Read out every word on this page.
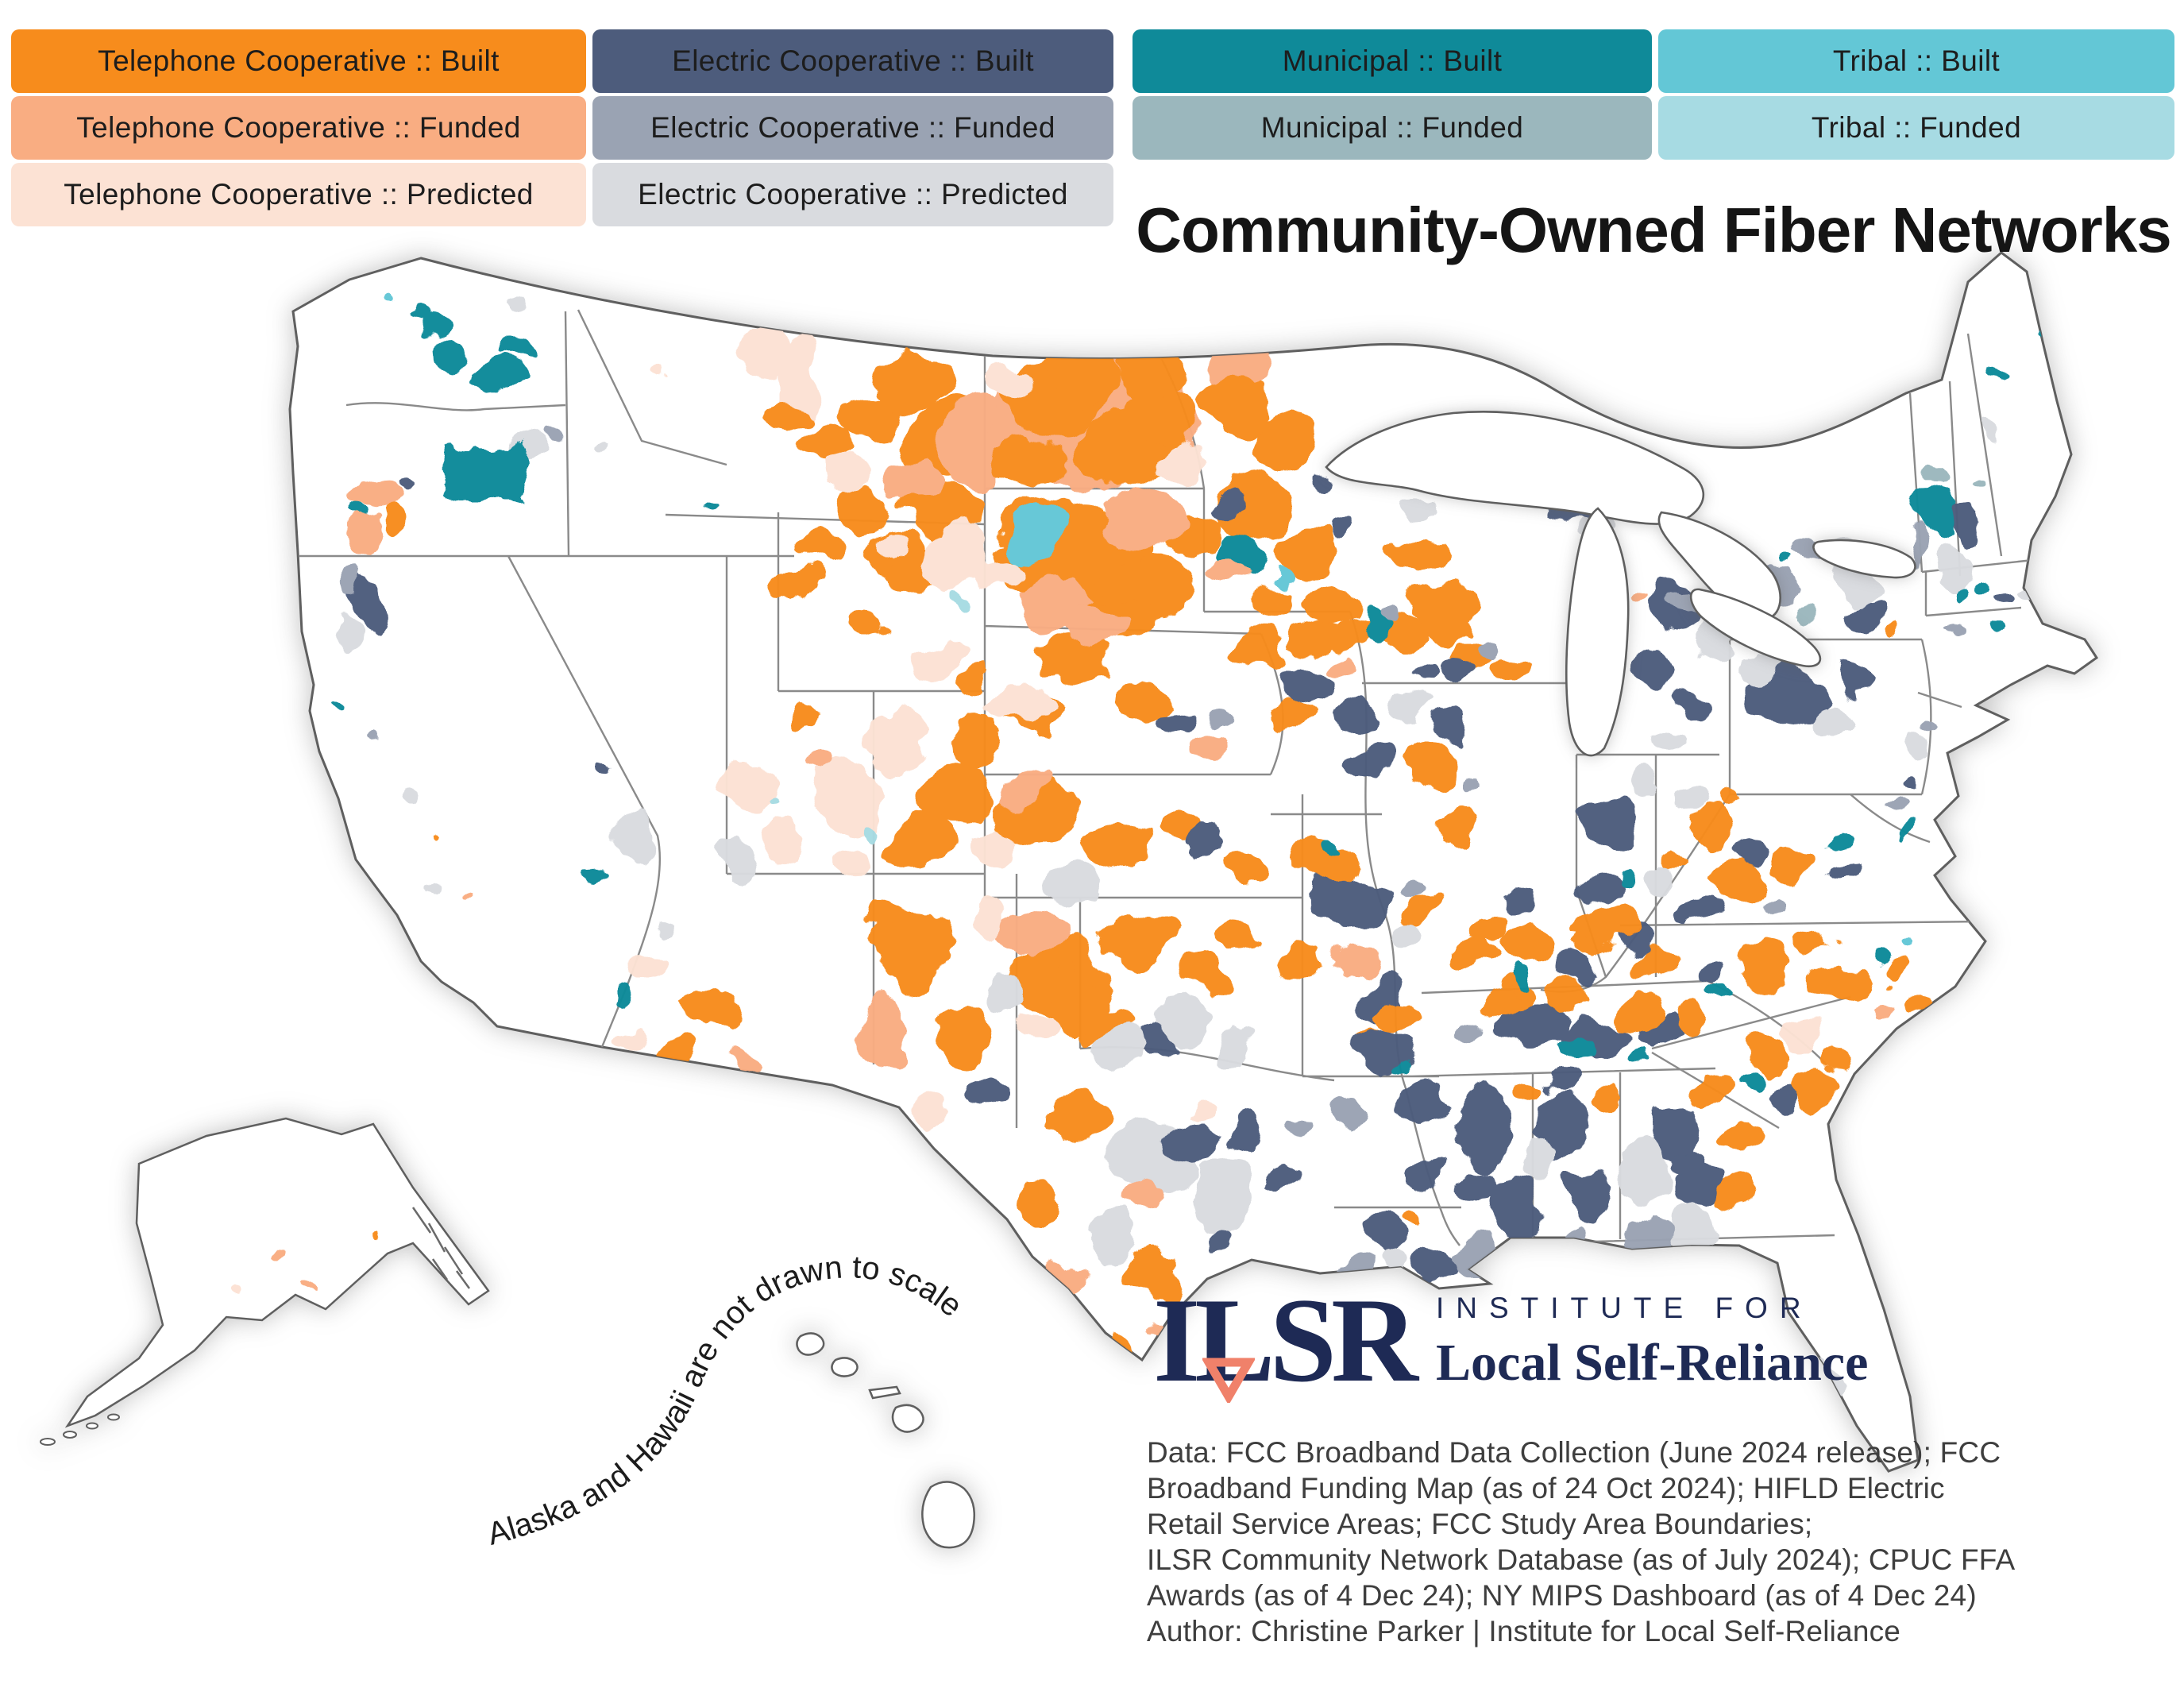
Alaska and Hawaii are not drawn to scale
Telephone Cooperative :: Built
Telephone Cooperative :: Funded
Telephone Cooperative :: Predicted
Electric Cooperative :: Built
Electric Cooperative :: Funded
Electric Cooperative :: Predicted
Municipal :: Built
Municipal :: Funded
Tribal :: Built
Tribal :: Funded
Community-Owned Fiber Networks
ILSR INSTITUTE FOR
Local Self-Reliance
Data: FCC Broadband Data Collection (June 2024 release); FCC
Broadband Funding Map (as of 24 Oct 2024); HIFLD Electric
Retail Service Areas; FCC Study Area Boundaries;
ILSR Community Network Database (as of July 2024); CPUC FFA
Awards (as of 4 Dec 24); NY MIPS Dashboard (as of 4 Dec 24)
Author: Christine Parker | Institute for Local Self-Reliance
